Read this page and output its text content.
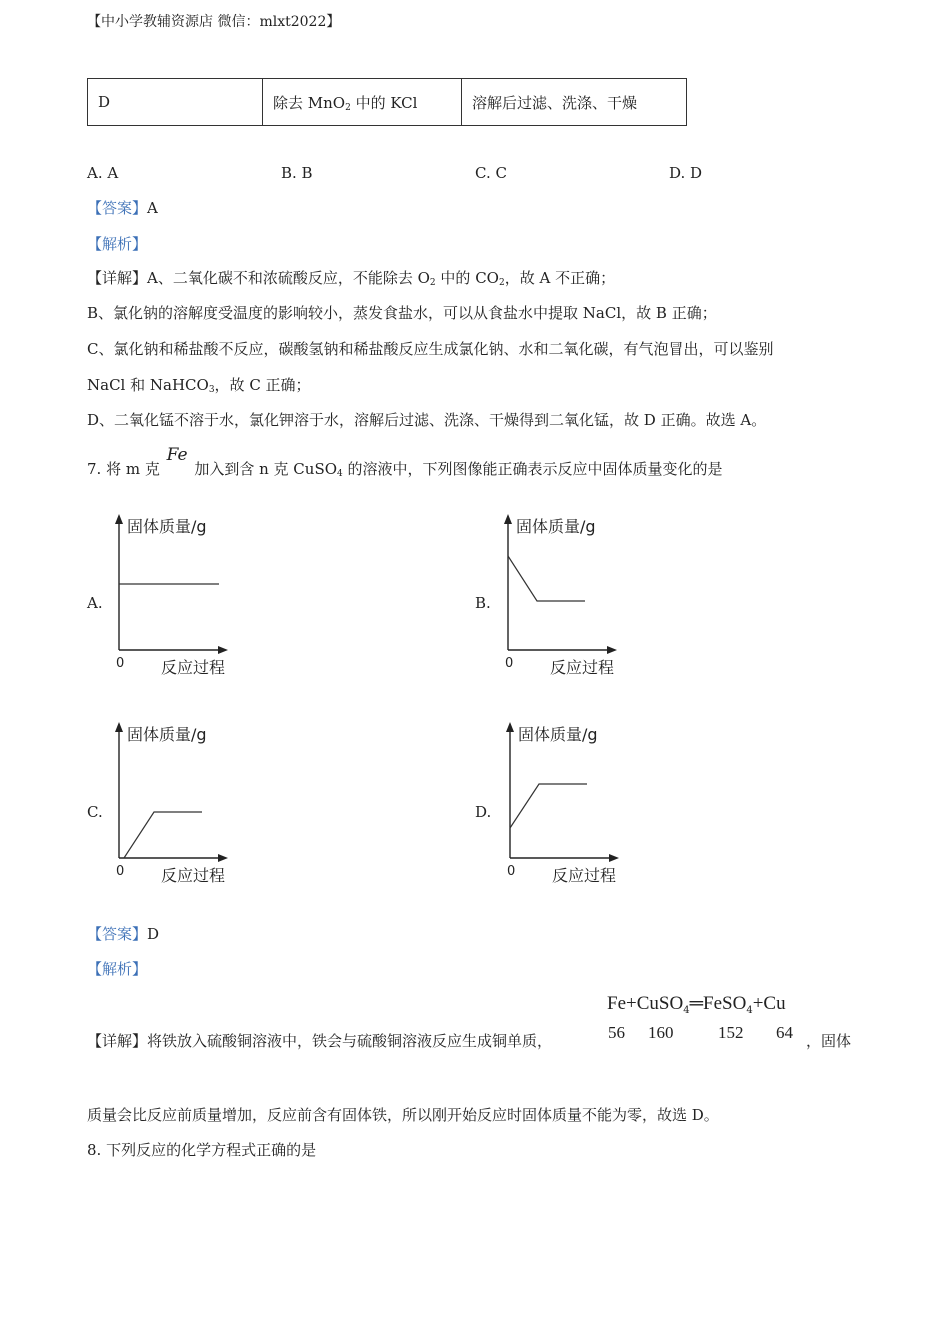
【中小学教辅资源店 微信：mlxt2022】
D	除去 MnO$_2$ 中的 KCl	溶解后过滤、洗涤、干燥
A. A	B. B	C. C	D. D
【答案】A
【解析】
【详解】A、二氧化碳不和浓硫酸反应，不能除去 $O_2$ 中的 $CO_2$，故 A 不正确；
B、氯化钠的溶解度受温度的影响较小，蒸发食盐水，可以从食盐水中提取 NaCl，故 B 正确；
C、氯化钠和稀盐酸不反应，碳酸氢钠和稀盐酸反应生成氯化钠、水和二氧化碳，有气泡冒出，可以鉴别
NaCl 和 NaHCO$_3$，故 C 正确；
D、二氧化锰不溶于水，氯化钾溶于水，溶解后过滤、洗涤、干燥得到二氧化锰，故 D 正确。故选 A。
7. 将 m 克 Fe 加入到含 n 克 CuSO$_4$ 的溶液中，下列图像能正确表示反应中固体质量变化的是
A.	B.
C.	D.
固体质量/g
0 反应过程
固体质量/g
0 反应过程
固体质量/g
0 反应过程
固体质量/g
0 反应过程
【答案】D
【解析】
【详解】将铁放入硫酸铜溶液中，铁会与硫酸铜溶液反应生成铜单质，
Fe+CuSO$_4$═FeSO$_4$+Cu
56 160	152 64 ，固体
质量会比反应前质量增加，反应前含有固体铁，所以刚开始反应时固体质量不能为零，故选 D。
8. 下列反应的化学方程式正确的是
